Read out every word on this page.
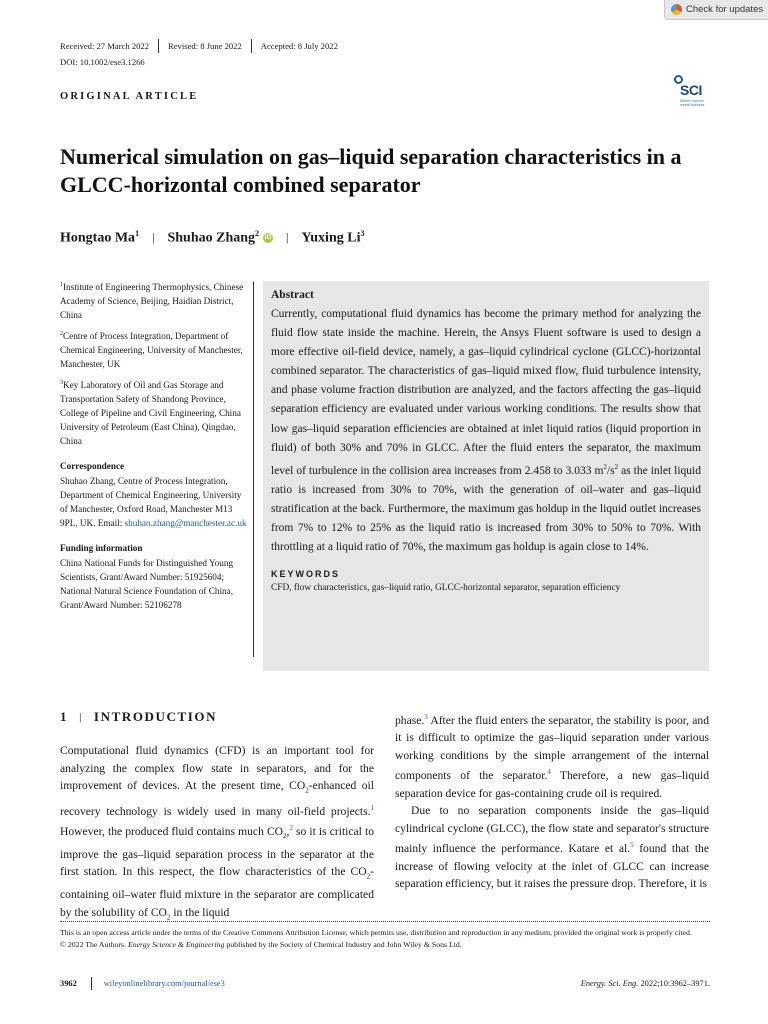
Check for updates
Received: 27 March 2022 Revised: 8 June 2022 Accepted: 8 July 2022
DOI: 10.1002/ese3.1266
ORIGINAL ARTICLE	SCI
Where Science meets business
Numerical simulation on gas–liquid separation characteristics in a GLCC-horizontal combined separator
Hongtao Ma$^1$ | Shuhao Zhang$^2$ iD | Yuxing Li$^3$

$^1$Institute of Engineering Thermophysics, Chinese Academy of Science, Beijing, Haidian District, China

$^2$Centre of Process Integration, Department of Chemical Engineering, University of Manchester, Manchester, UK

$^3$Key Laboratory of Oil and Gas Storage and Transportation Safety of Shandong Province, College of Pipeline and Civil Engineering, China University of Petroleum (East China), Qingdao, China

Correspondence

Shuhao Zhang, Centre of Process Integration, Department of Chemical Engineering, University of Manchester, Oxford Road, Manchester M13 9PL, UK. Email: shuhao.zhang@manchester.ac.uk

Funding information

China National Funds for Distinguished Young Scientists, Grant/Award Number: 51925604; National Natural Science Foundation of China, Grant/Award Number: 52106278

Abstract

Currently, computational fluid dynamics has become the primary method for analyzing the fluid flow state inside the machine. Herein, the Ansys Fluent software is used to design a more effective oil-field device, namely, a gas–liquid cylindrical cyclone (GLCC)-horizontal combined separator. The characteristics of gas–liquid mixed flow, fluid turbulence intensity, and phase volume fraction distribution are analyzed, and the factors affecting the gas–liquid separation efficiency are evaluated under various working conditions. The results show that low gas–liquid separation efficiencies are obtained at inlet liquid ratios (liquid proportion in fluid) of both 30% and 70% in GLCC. After the fluid enters the separator, the maximum level of turbulence in the collision area increases from 2.458 to 3.033 $m^2/s^2$ as the inlet liquid ratio is increased from 30% to 70%, with the generation of oil–water and gas–liquid stratification at the back. Furthermore, the maximum gas holdup in the liquid outlet increases from 7% to 12% to 25% as the liquid ratio is increased from 30% to 50% to 70%. With throttling at a liquid ratio of 70%, the maximum gas holdup is again close to 14%.

KEYWORDS

CFD, flow characteristics, gas–liquid ratio, GLCC-horizontal separator, separation efficiency

1 | INTRODUCTION

Computational fluid dynamics (CFD) is an important tool for analyzing the complex flow state in separators, and for the improvement of devices. At the present time, $CO_2$-enhanced oil recovery technology is widely used in many oil-field projects.$^1$ However, the produced fluid contains much $CO_2,^2$ so it is critical to improve the gas–liquid separation process in the separator at the first station. In this respect, the flow characteristics of the $CO_2$-containing oil–water fluid mixture in the separator are complicated by the solubility of $CO_2$ in the liquid

phase.$^3$ After the fluid enters the separator, the stability is poor, and it is difficult to optimize the gas–liquid separation under various working conditions by the simple arrangement of the internal components of the separator.$^4$ Therefore, a new gas–liquid separation device for gas-containing crude oil is required.
Due to no separation components inside the gas–liquid cylindrical cyclone (GLCC), the flow state and separator's structure mainly influence the performance. Katare et al.$^5$ found that the increase of flowing velocity at the inlet of GLCC can increase separation efficiency, but it raises the pressure drop. Therefore, it is

This is an open access article under the terms of the Creative Commons Attribution License, which permits use, distribution and reproduction in any medium, provided the original work is properly cited.
© 2022 The Authors. Energy Science & Engineering published by the Society of Chemical Industry and John Wiley & Sons Ltd.

3962	wileyonlinelibrary.com/journal/ese3	Energy. Sci. Eng. 2022;10:3962–3971.
